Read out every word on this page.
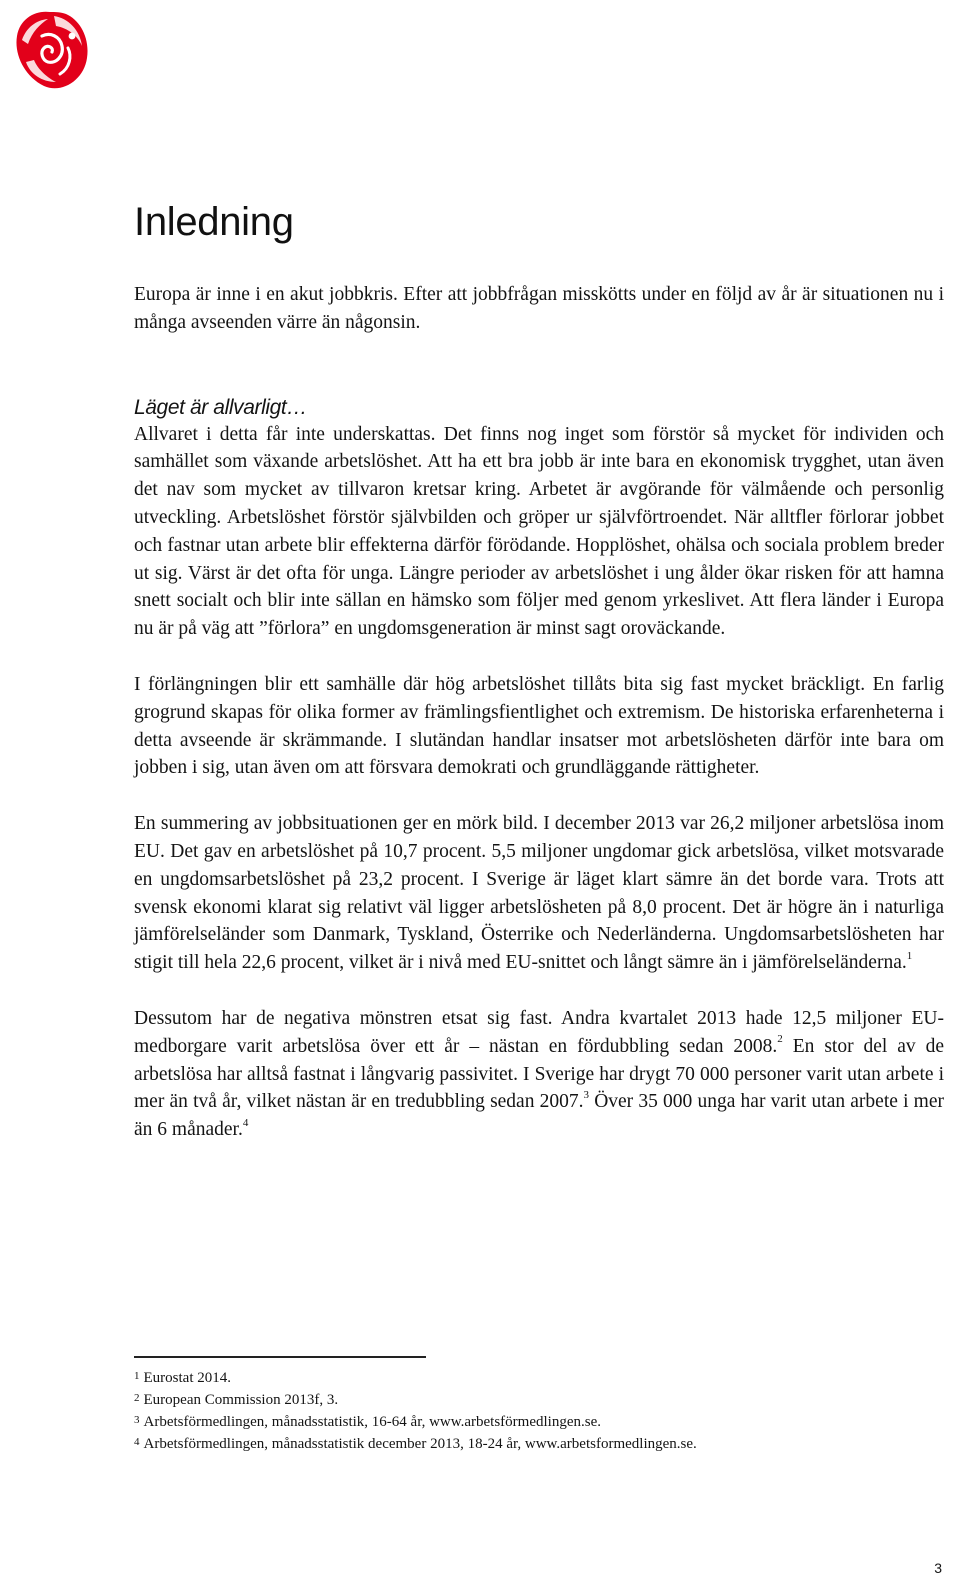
Inledning

Europa är inne i en akut jobbkris. Efter att jobbfrågan misskötts under en följd av år är situationen nu i många avseenden värre än någonsin.

Läget är allvarligt…

Allvaret i detta får inte underskattas. Det finns nog inget som förstör så mycket för individen och samhället som växande arbetslöshet. Att ha ett bra jobb är inte bara en ekonomisk trygghet, utan även det nav som mycket av tillvaron kretsar kring. Arbetet är avgörande för välmående och personlig utveckling. Arbetslöshet förstör självbilden och gröper ur självförtroendet. När alltfler förlorar jobbet och fastnar utan arbete blir effekterna därför förödande. Hopplöshet, ohälsa och sociala problem breder ut sig. Värst är det ofta för unga. Längre perioder av arbetslöshet i ung ålder ökar risken för att hamna snett socialt och blir inte sällan en hämsko som följer med genom yrkeslivet. Att flera länder i Europa nu är på väg att ”förlora” en ungdomsgeneration är minst sagt oroväckande.

I förlängningen blir ett samhälle där hög arbetslöshet tillåts bita sig fast mycket bräckligt. En farlig grogrund skapas för olika former av främlingsfientlighet och extremism. De historiska erfarenheterna i detta avseende är skrämmande. I slutändan handlar insatser mot arbetslösheten därför inte bara om jobben i sig, utan även om att försvara demokrati och grundläggande rättigheter.

En summering av jobbsituationen ger en mörk bild. I december 2013 var 26,2 miljoner arbetslösa inom EU. Det gav en arbetslöshet på 10,7 procent. 5,5 miljoner ungdomar gick arbetslösa, vilket motsvarade en ungdomsarbetslöshet på 23,2 procent. I Sverige är läget klart sämre än det borde vara. Trots att svensk ekonomi klarat sig relativt väl ligger arbetslösheten på 8,0 procent. Det är högre än i naturliga jämförelseländer som Danmark, Tyskland, Österrike och Nederländerna. Ungdomsarbetslösheten har stigit till hela 22,6 procent, vilket är i nivå med EU-snittet och långt sämre än i jämförelseländerna.$^1$

Dessutom har de negativa mönstren etsat sig fast. Andra kvartalet 2013 hade 12,5 miljoner EU-medborgare varit arbetslösa över ett år – nästan en fördubbling sedan 2008.$^2$ En stor del av de arbetslösa har alltså fastnat i långvarig passivitet. I Sverige har drygt 70 000 personer varit utan arbete i mer än två år, vilket nästan är en tredubbling sedan 2007.$^3$ Över 35 000 unga har varit utan arbete i mer än 6 månader.$^4$

$^1$ Eurostat 2014.
$^2$ European Commission 2013f, 3.
$^3$ Arbetsförmedlingen, månadsstatistik, 16-64 år, www.arbetsförmedlingen.se.
$^4$ Arbetsförmedlingen, månadsstatistik december 2013, 18-24 år, www.arbetsformedlingen.se.
3
